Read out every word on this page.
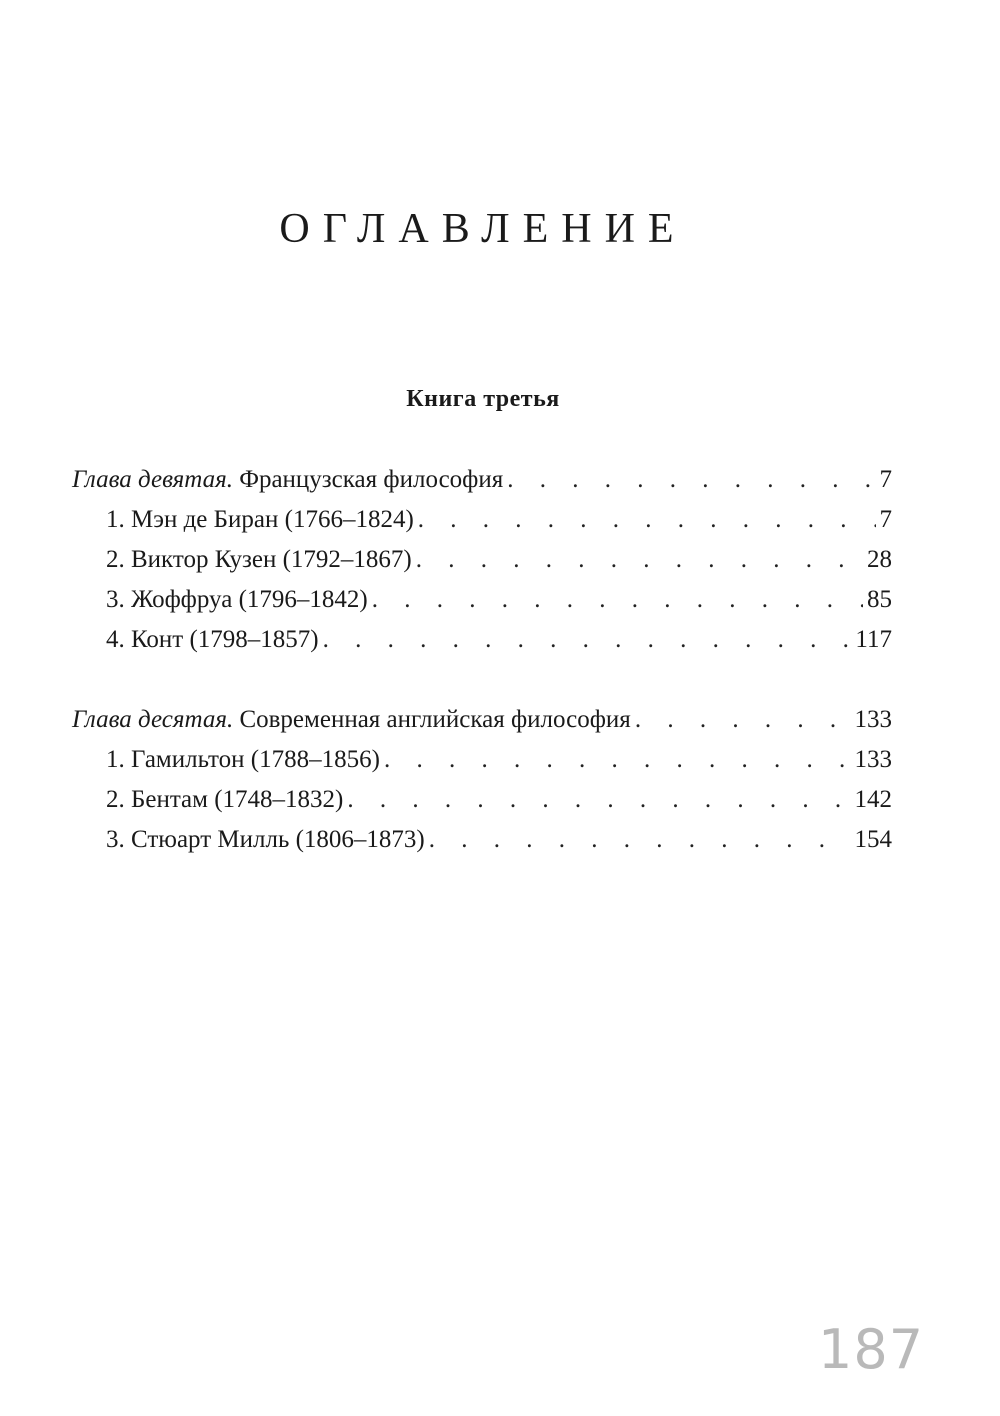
ОГЛАВЛЕНИЕ
Книга третья
Глава девятая. Французская философия . . .	7
1. Мэн де Биран (1766–1824) . . .	7
2. Виктор Кузен (1792–1867) . . .	28
3. Жоффруа (1796–1842) . . .	85
4. Конт (1798–1857) . . .	117
Глава десятая. Современная английская философия . . .	133
1. Гамильтон (1788–1856) . . .	133
2. Бентам (1748–1832) . . .	142
3. Стюарт Милль (1806–1873) . . .	154
187
